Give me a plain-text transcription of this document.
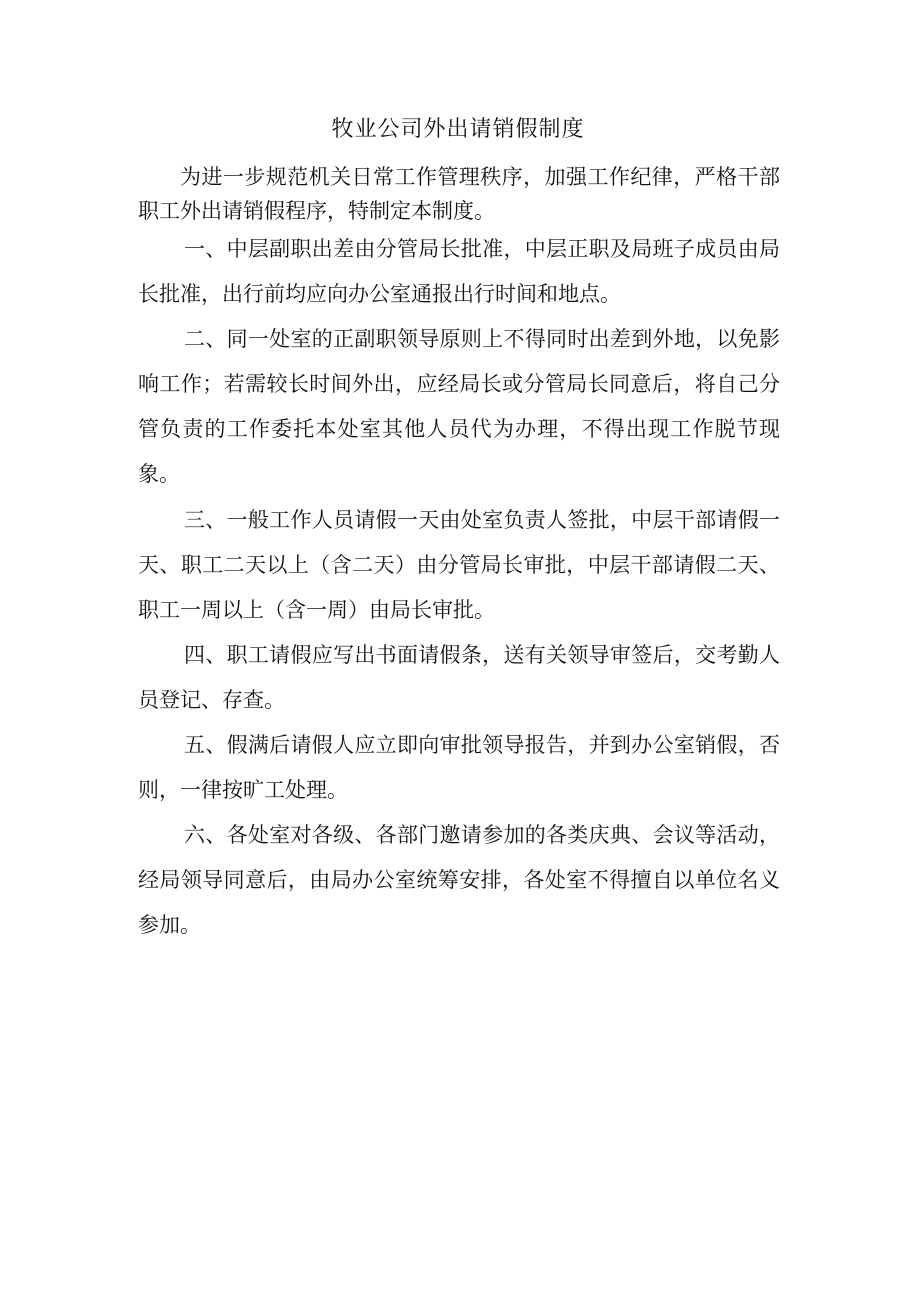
牧业公司外出请销假制度

为进一步规范机关日常工作管理秩序，加强工作纪律，严格干部职工外出请销假程序，特制定本制度。

一、中层副职出差由分管局长批准，中层正职及局班子成员由局长批准，出行前均应向办公室通报出行时间和地点。

二、同一处室的正副职领导原则上不得同时出差到外地，以免影响工作；若需较长时间外出，应经局长或分管局长同意后，将自己分管负责的工作委托本处室其他人员代为办理，不得出现工作脱节现象。

三、一般工作人员请假一天由处室负责人签批，中层干部请假一天、职工二天以上（含二天）由分管局长审批，中层干部请假二天、职工一周以上（含一周）由局长审批。

四、职工请假应写出书面请假条，送有关领导审签后，交考勤人员登记、存查。

五、假满后请假人应立即向审批领导报告，并到办公室销假，否则，一律按旷工处理。

六、各处室对各级、各部门邀请参加的各类庆典、会议等活动，经局领导同意后，由局办公室统筹安排，各处室不得擅自以单位名义参加。
